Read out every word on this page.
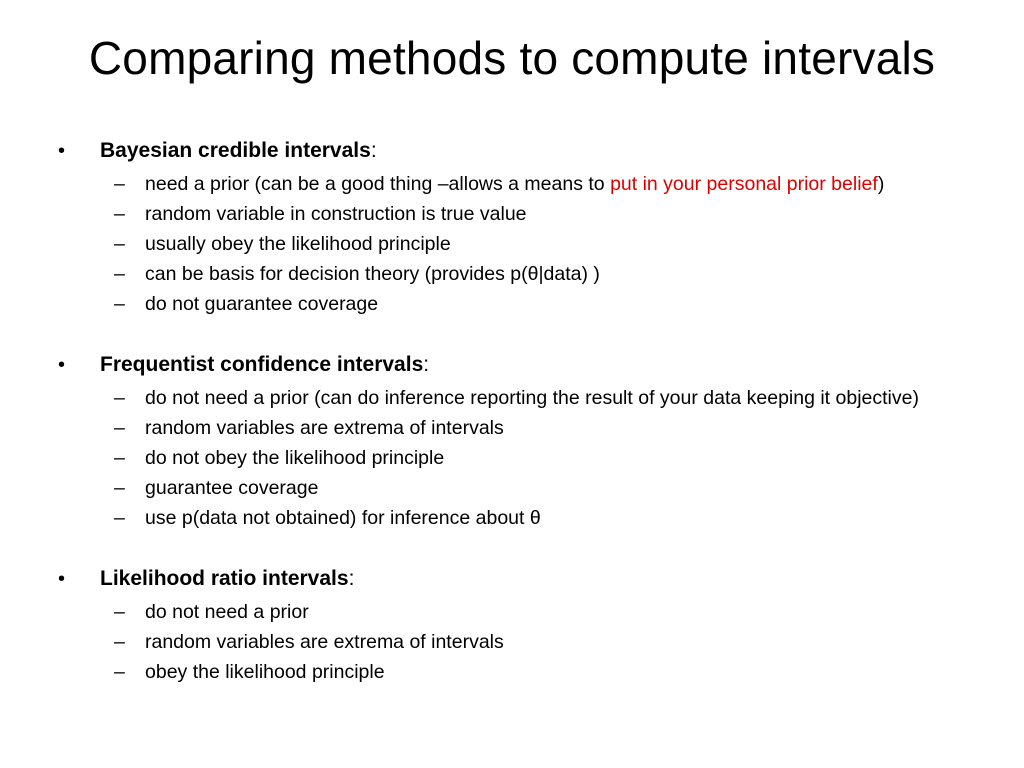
Comparing methods to compute intervals
•	Bayesian credible intervals:
–	need a prior (can be a good thing –allows a means to put in your personal prior belief)
–	random variable in construction is true value
–	usually obey the likelihood principle
–	can be basis for decision theory (provides p(θ|data) )
–	do not guarantee coverage
•	Frequentist confidence intervals:
–	do not need a prior (can do inference reporting the result of your data keeping it objective)
–	random variables are extrema of intervals
–	do not obey the likelihood principle
–	guarantee coverage
–	use p(data not obtained) for inference about θ
•	Likelihood ratio intervals:
–	do not need a prior
–	random variables are extrema of intervals
–	obey the likelihood principle
